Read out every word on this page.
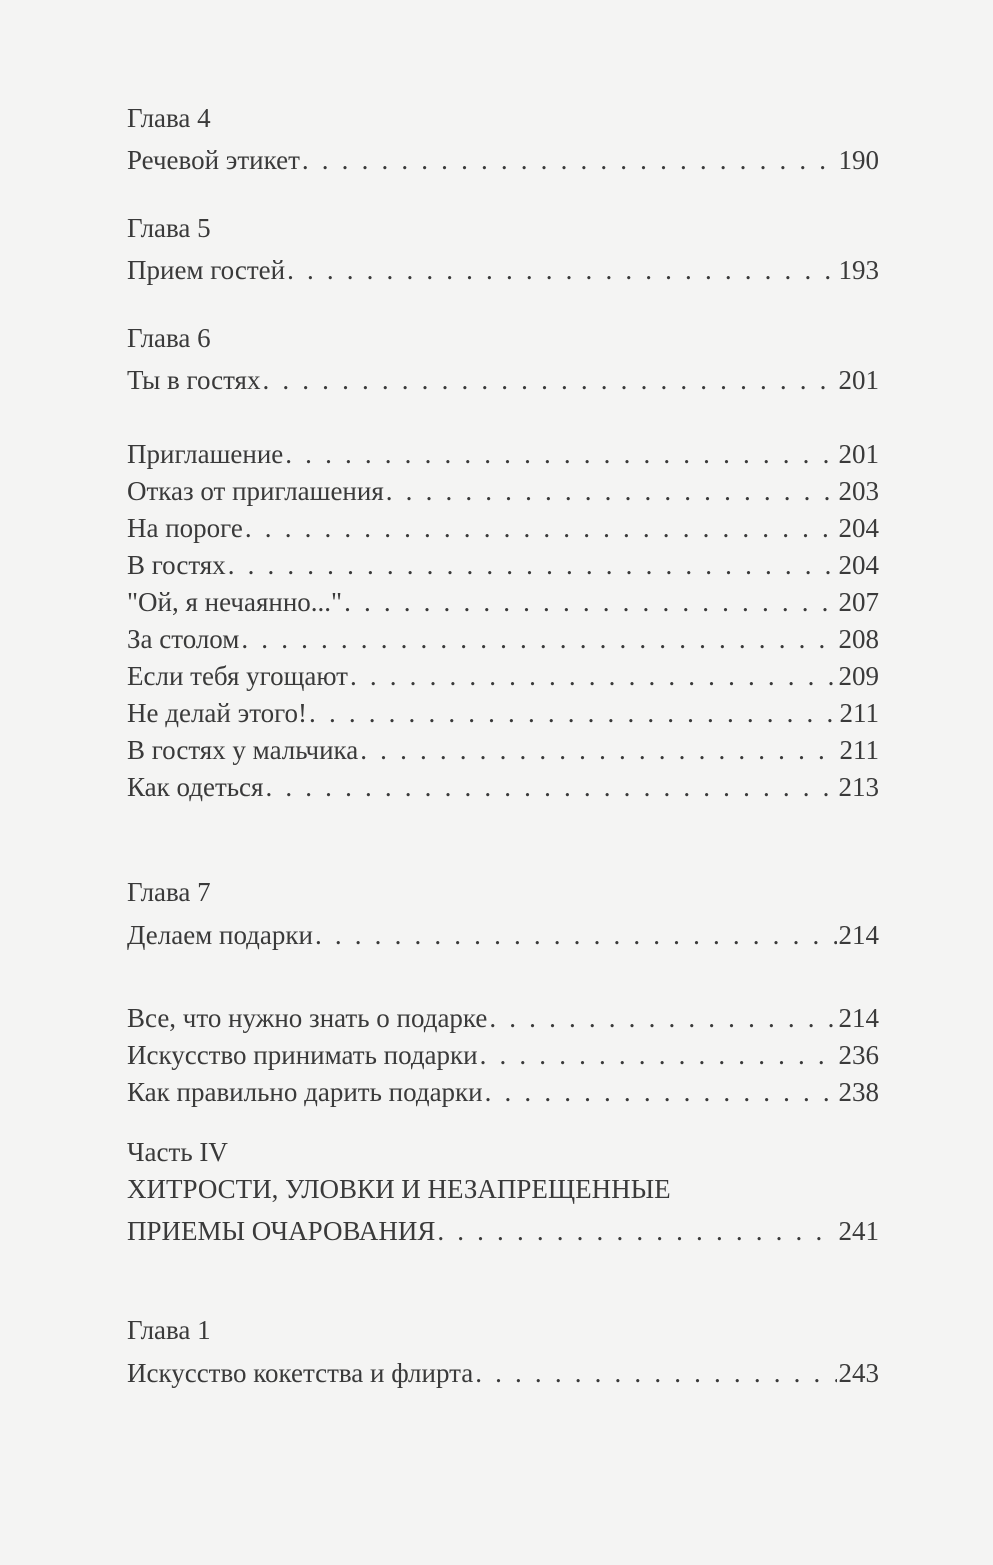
Глава 4
Речевой этикет . . .	190
Глава 5
Прием гостей . . .	193
Глава 6
Ты в гостях . . .	201
Приглашение . . .	201
Отказ от приглашения . . .	203
На пороге . . .	204
В гостях . . .	204
"Ой, я нечаянно..." . . .	207
За столом . . .	208
Если тебя угощают . . .	209
Не делай этого! . . .	211
В гостях у мальчика . . .	211
Как одеться . . .	213
Глава 7
Делаем подарки . . .	214
Все, что нужно знать о подарке . . .	214
Искусство принимать подарки . . .	236
Как правильно дарить подарки . . .	238
Часть IV
ХИТРОСТИ, УЛОВКИ И НЕЗАПРЕЩЕННЫЕ
ПРИЕМЫ ОЧАРОВАНИЯ . . .	241
Глава 1
Искусство кокетства и флирта . . .	243
